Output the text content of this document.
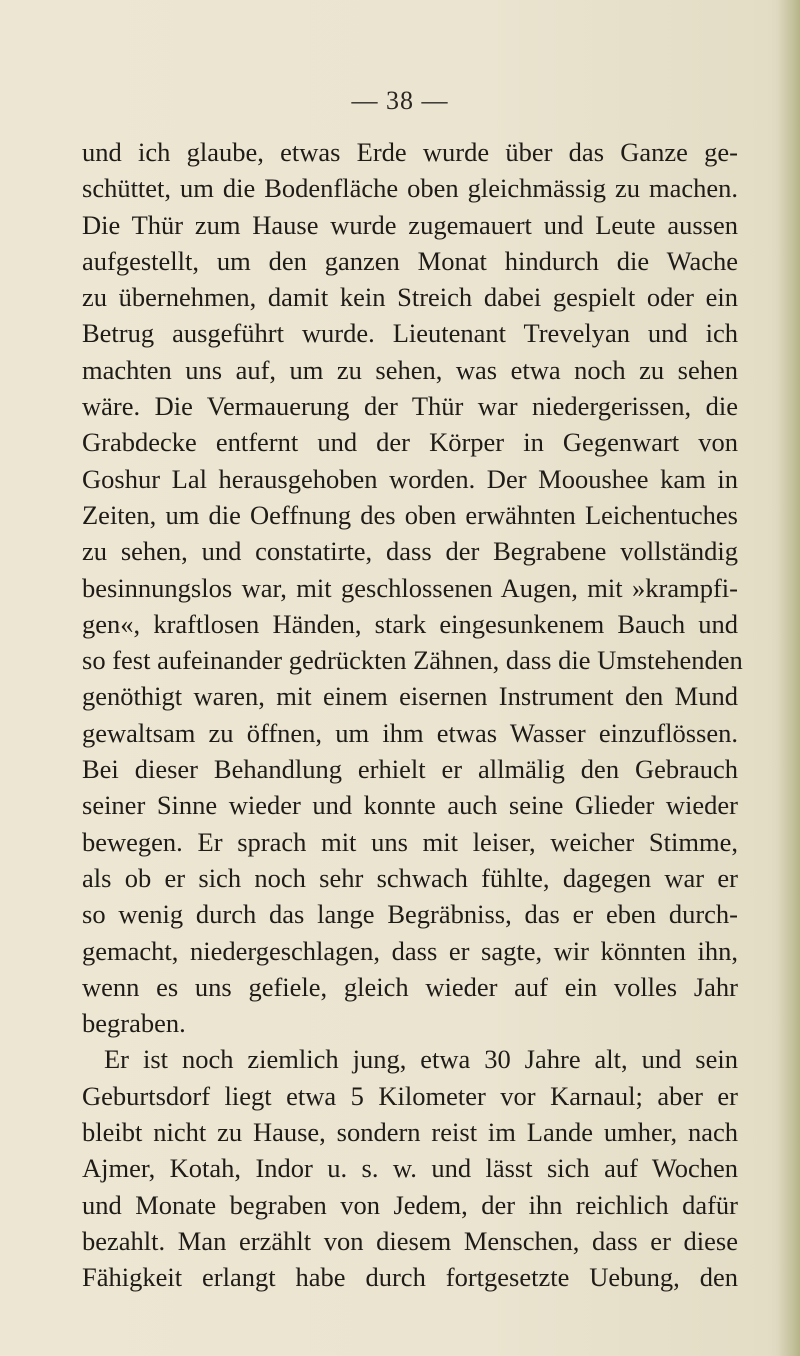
— 38 —
und ich glaube, etwas Erde wurde über das Ganze ge-
schüttet, um die Bodenfläche oben gleichmässig zu machen.
Die Thür zum Hause wurde zugemauert und Leute aussen
aufgestellt, um den ganzen Monat hindurch die Wache
zu übernehmen, damit kein Streich dabei gespielt oder ein
Betrug ausgeführt wurde. Lieutenant Trevelyan und ich
machten uns auf, um zu sehen, was etwa noch zu sehen
wäre. Die Vermauerung der Thür war niedergerissen, die
Grabdecke entfernt und der Körper in Gegenwart von
Goshur Lal herausgehoben worden. Der Mooushee kam in
Zeiten, um die Oeffnung des oben erwähnten Leichentuches
zu sehen, und constatirte, dass der Begrabene vollständig
besinnungslos war, mit geschlossenen Augen, mit »krampfi-
gen«, kraftlosen Händen, stark eingesunkenem Bauch und
so fest aufeinander gedrückten Zähnen, dass die Umstehenden
genöthigt waren, mit einem eisernen Instrument den Mund
gewaltsam zu öffnen, um ihm etwas Wasser einzuflössen.
Bei dieser Behandlung erhielt er allmälig den Gebrauch
seiner Sinne wieder und konnte auch seine Glieder wieder
bewegen. Er sprach mit uns mit leiser, weicher Stimme,
als ob er sich noch sehr schwach fühlte, dagegen war er
so wenig durch das lange Begräbniss, das er eben durch-
gemacht, niedergeschlagen, dass er sagte, wir könnten ihn,
wenn es uns gefiele, gleich wieder auf ein volles Jahr
begraben.
Er ist noch ziemlich jung, etwa 30 Jahre alt, und sein
Geburtsdorf liegt etwa 5 Kilometer vor Karnaul; aber er
bleibt nicht zu Hause, sondern reist im Lande umher, nach
Ajmer, Kotah, Indor u. s. w. und lässt sich auf Wochen
und Monate begraben von Jedem, der ihn reichlich dafür
bezahlt. Man erzählt von diesem Menschen, dass er diese
Fähigkeit erlangt habe durch fortgesetzte Uebung, den
